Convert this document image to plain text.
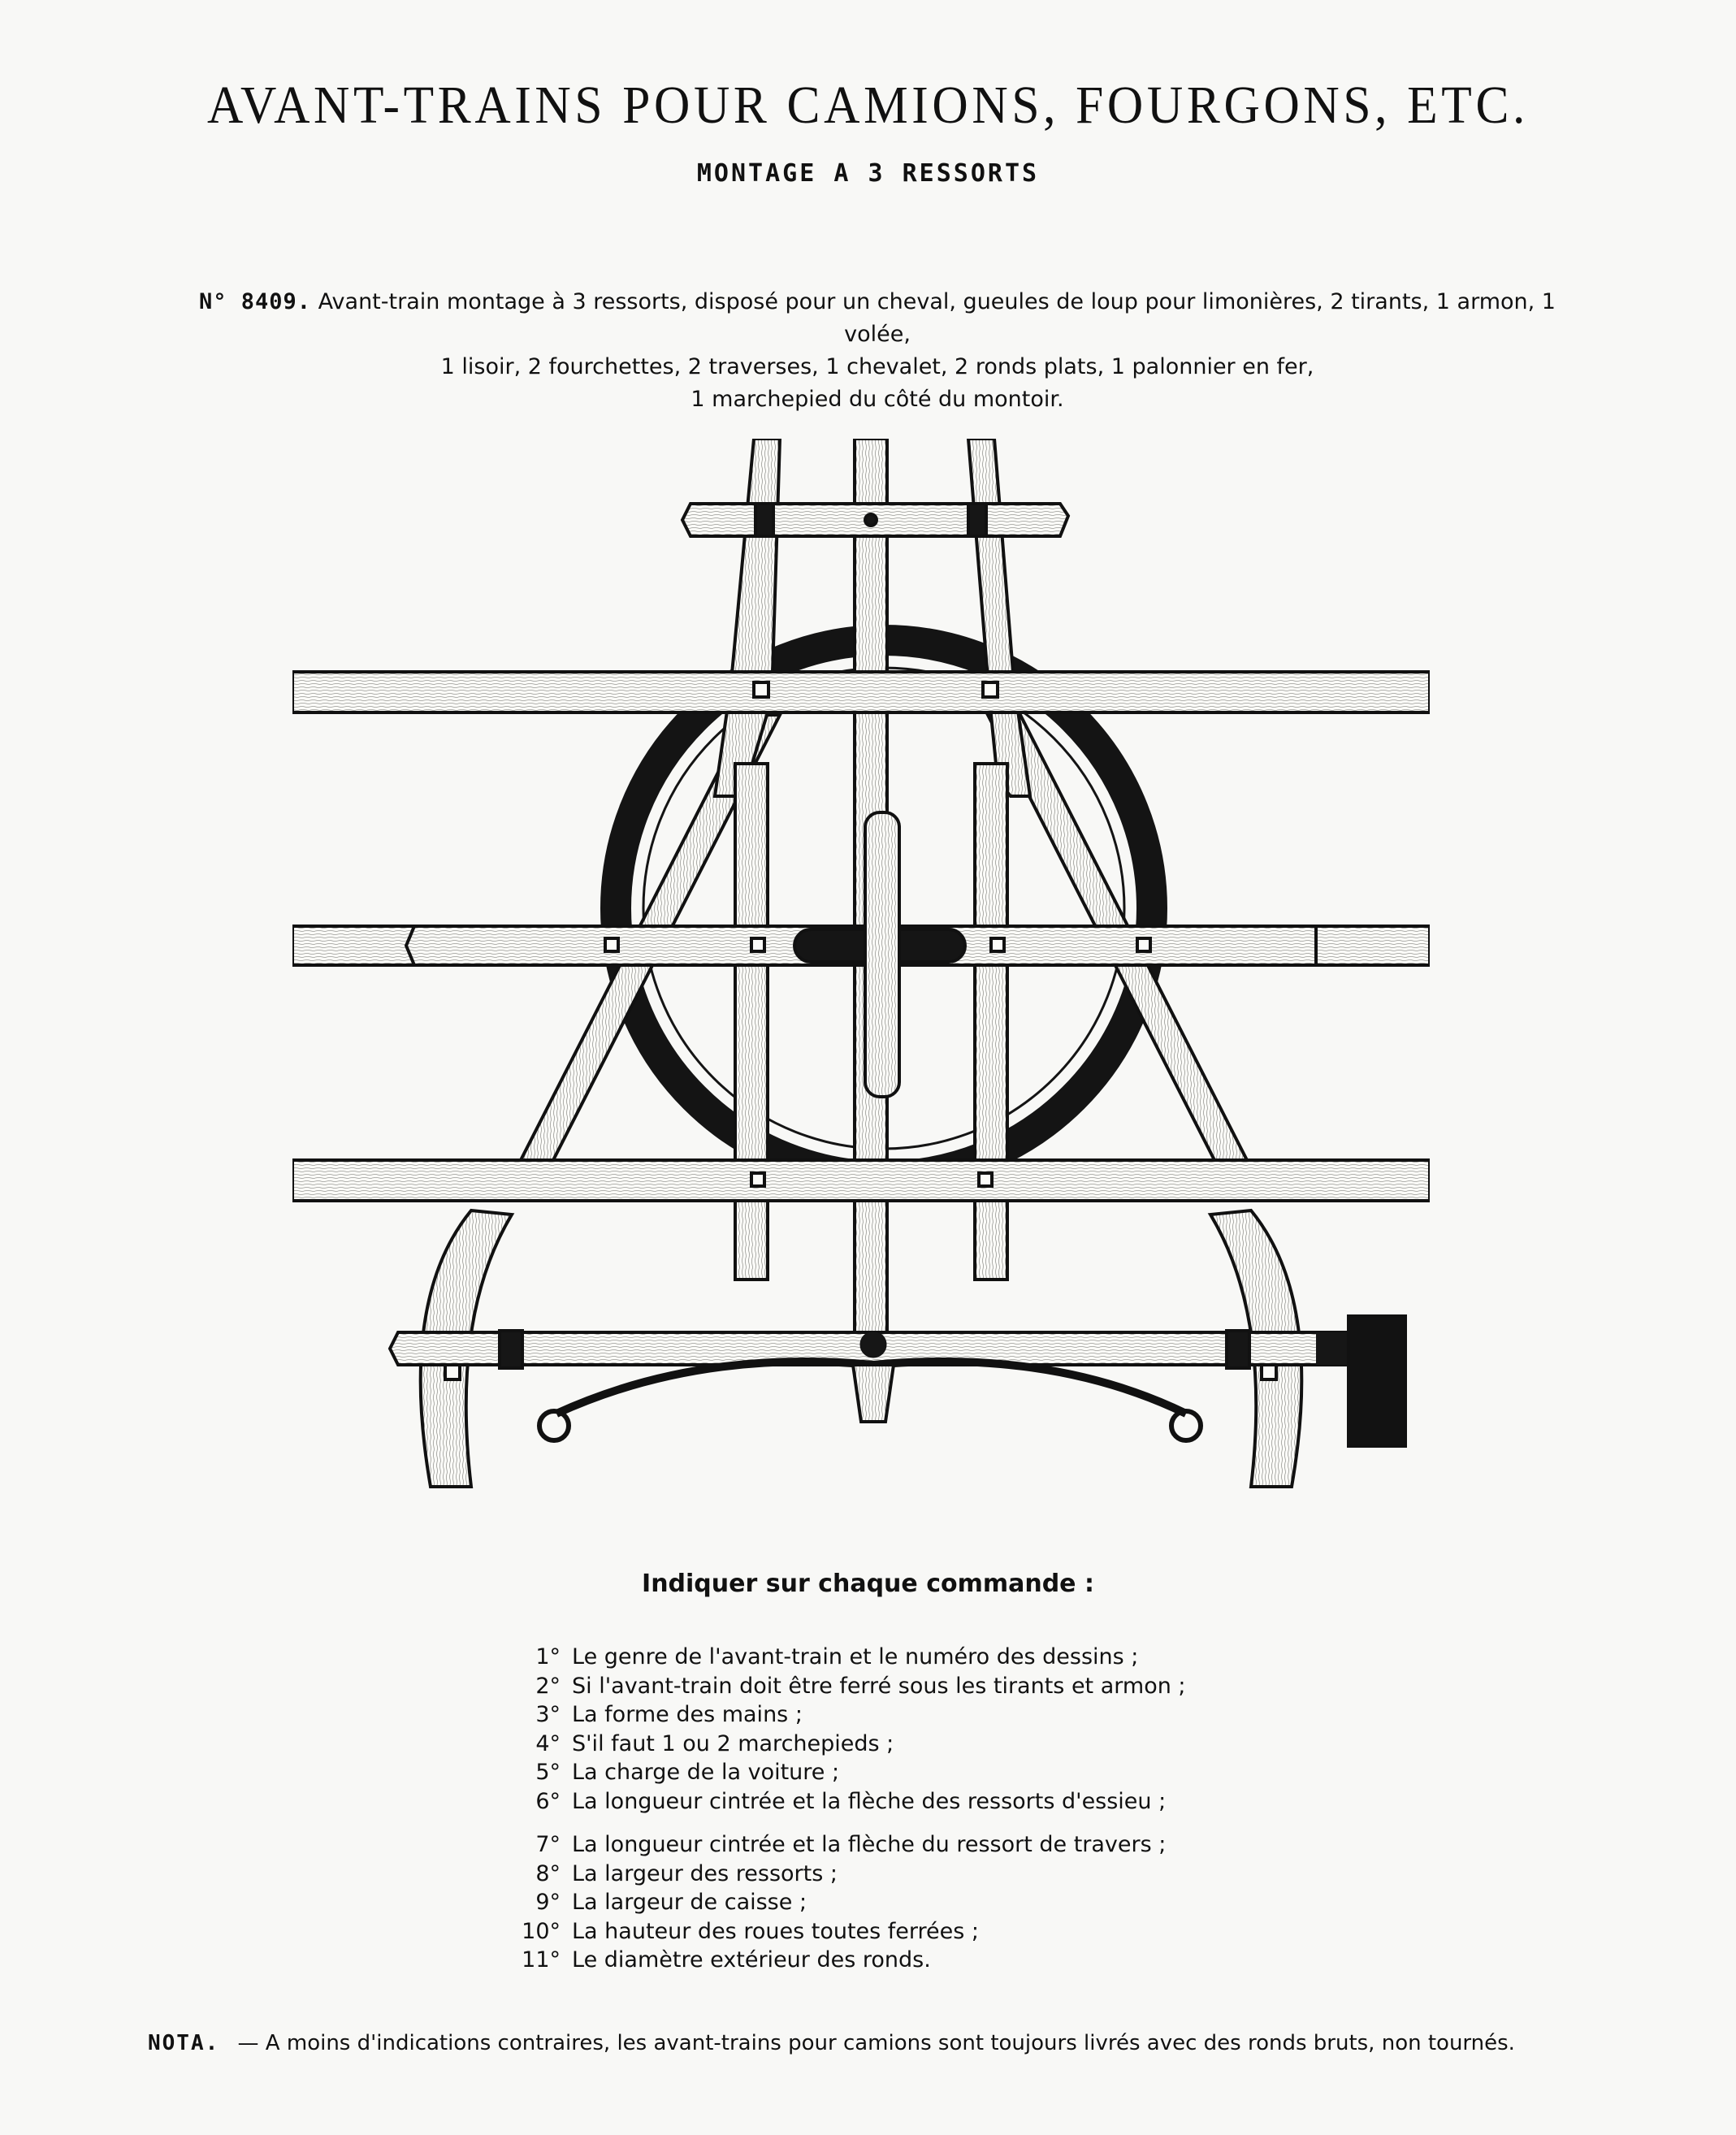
AVANT-TRAINS POUR CAMIONS, FOURGONS, ETC.
MONTAGE A 3 RESSORTS
N° 8409. Avant-train montage à 3 ressorts, disposé pour un cheval, gueules de loup pour limonières, 2 tirants, 1 armon, 1 volée,
1 lisoir, 2 fourchettes, 2 traverses, 1 chevalet, 2 ronds plats, 1 palonnier en fer,
1 marchepied du côté du montoir.
Indiquer sur chaque commande :
1° Le genre de l'avant-train et le numéro des dessins ;
2° Si l'avant-train doit être ferré sous les tirants et armon ;
3° La forme des mains ;
4° S'il faut 1 ou 2 marchepieds ;
5° La charge de la voiture ;
6° La longueur cintrée et la flèche des ressorts d'essieu ;
7° La longueur cintrée et la flèche du ressort de travers ;
8° La largeur des ressorts ;
9° La largeur de caisse ;
10° La hauteur des roues toutes ferrées ;
11° Le diamètre extérieur des ronds.
NOTA. — A moins d'indications contraires, les avant-trains pour camions sont toujours livrés avec des ronds bruts, non tournés.
